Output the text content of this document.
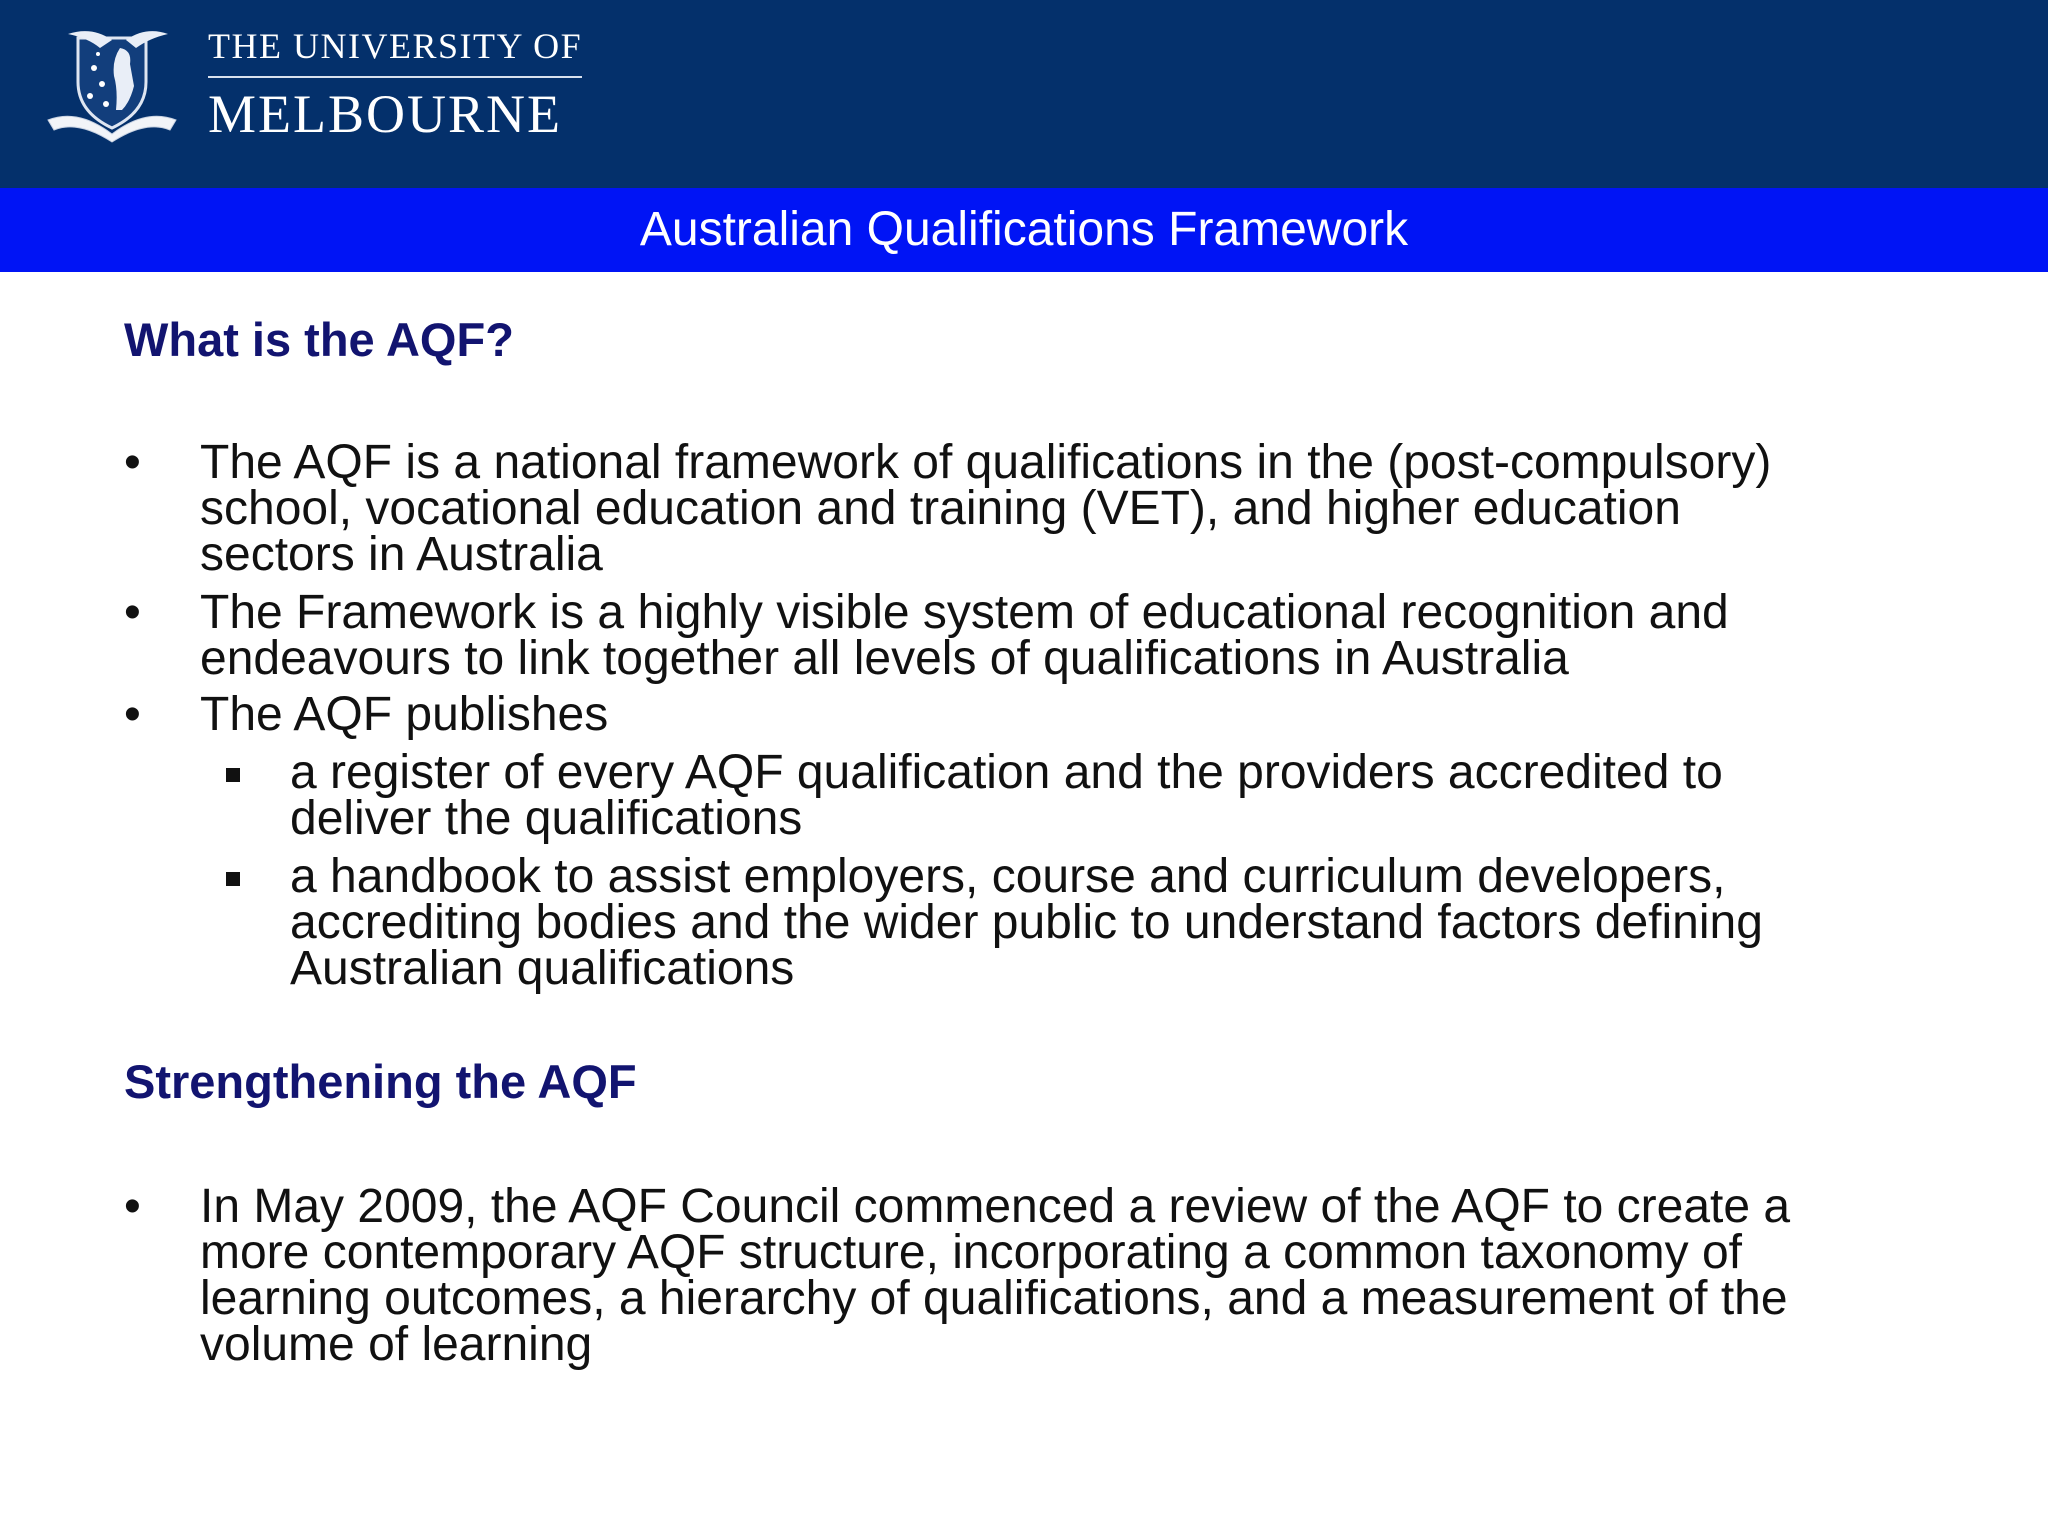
THE UNIVERSITY OF
MELBOURNE
Australian Qualifications Framework
What is the AQF?
• The AQF is a national framework of qualifications in the (post-compulsory)
school, vocational education and training (VET), and higher education
sectors in Australia
• The Framework is a highly visible system of educational recognition and
endeavours to link together all levels of qualifications in Australia
• The AQF publishes
a register of every AQF qualification and the providers accredited to
deliver the qualifications
a handbook to assist employers, course and curriculum developers,
accrediting bodies and the wider public to understand factors defining
Australian qualifications
Strengthening the AQF
• In May 2009, the AQF Council commenced a review of the AQF to create a
more contemporary AQF structure, incorporating a common taxonomy of
learning outcomes, a hierarchy of qualifications, and a measurement of the
volume of learning
